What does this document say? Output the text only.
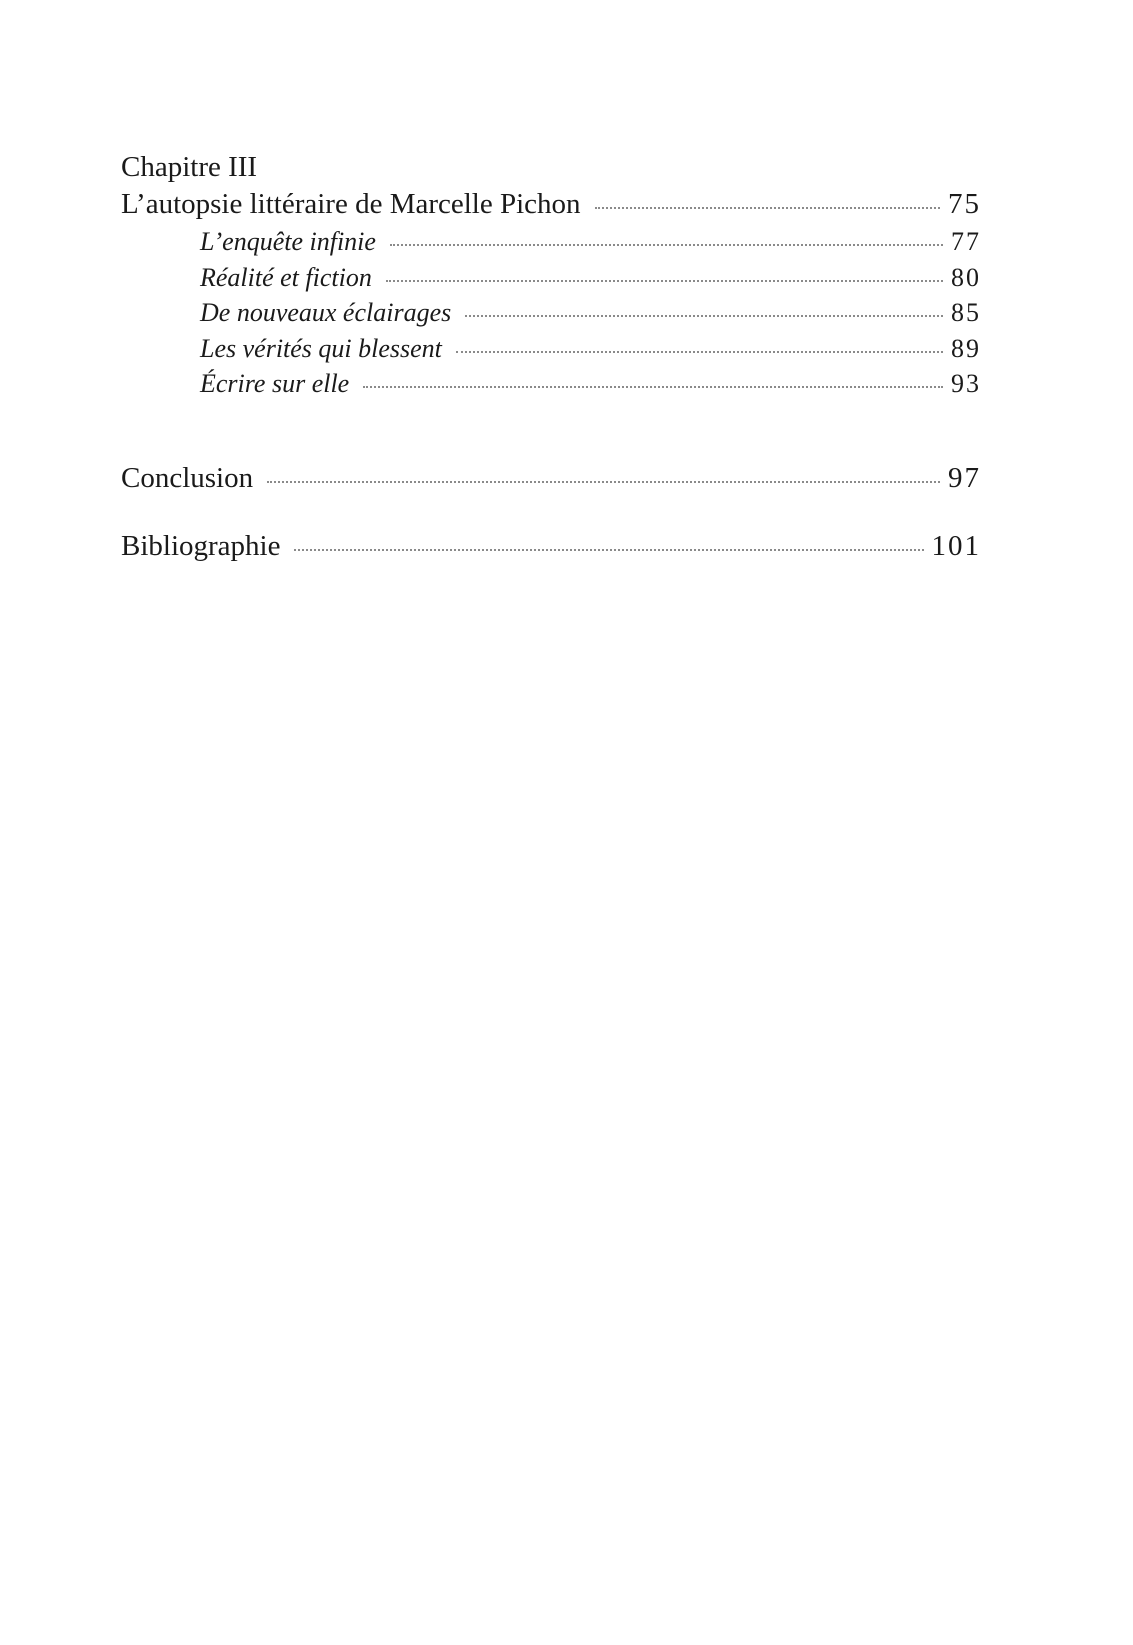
Chapitre III
L’autopsie littéraire de Marcelle Pichon	75
L’enquête infinie	77
Réalité et fiction	80
De nouveaux éclairages	85
Les vérités qui blessent	89
Écrire sur elle	93
Conclusion	97
Bibliographie	101
